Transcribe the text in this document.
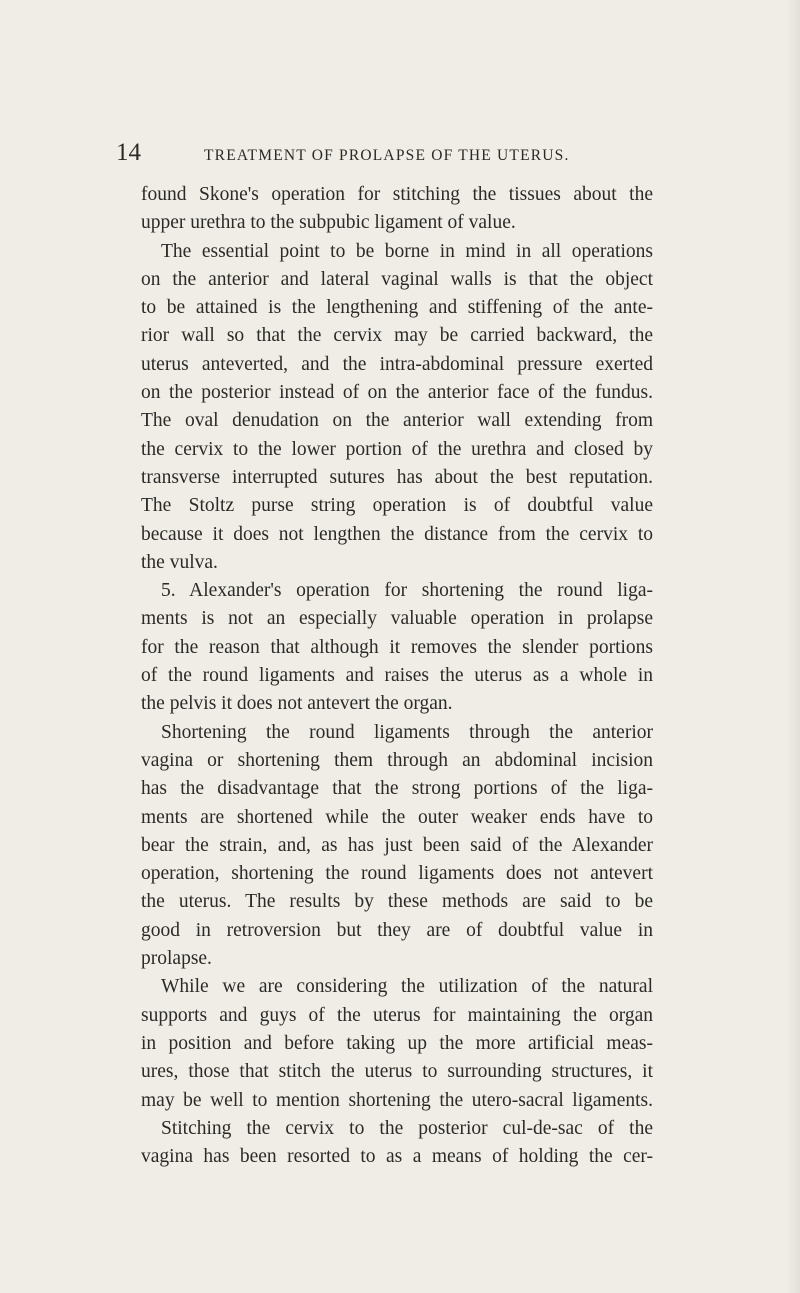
14	TREATMENT OF PROLAPSE OF THE UTERUS.
found Skone's operation for stitching the tissues about the
upper urethra to the subpubic ligament of value.
The essential point to be borne in mind in all operations
on the anterior and lateral vaginal walls is that the object
to be attained is the lengthening and stiffening of the ante-
rior wall so that the cervix may be carried backward, the
uterus anteverted, and the intra-abdominal pressure exerted
on the posterior instead of on the anterior face of the fundus.
The oval denudation on the anterior wall extending from
the cervix to the lower portion of the urethra and closed by
transverse interrupted sutures has about the best reputation.
The Stoltz purse string operation is of doubtful value
because it does not lengthen the distance from the cervix to
the vulva.
5. Alexander's operation for shortening the round liga-
ments is not an especially valuable operation in prolapse
for the reason that although it removes the slender portions
of the round ligaments and raises the uterus as a whole in
the pelvis it does not antevert the organ.
Shortening the round ligaments through the anterior
vagina or shortening them through an abdominal incision
has the disadvantage that the strong portions of the liga-
ments are shortened while the outer weaker ends have to
bear the strain, and, as has just been said of the Alexander
operation, shortening the round ligaments does not antevert
the uterus. The results by these methods are said to be
good in retroversion but they are of doubtful value in
prolapse.
While we are considering the utilization of the natural
supports and guys of the uterus for maintaining the organ
in position and before taking up the more artificial meas-
ures, those that stitch the uterus to surrounding structures, it
may be well to mention shortening the utero-sacral ligaments.
Stitching the cervix to the posterior cul-de-sac of the
vagina has been resorted to as a means of holding the cer-
